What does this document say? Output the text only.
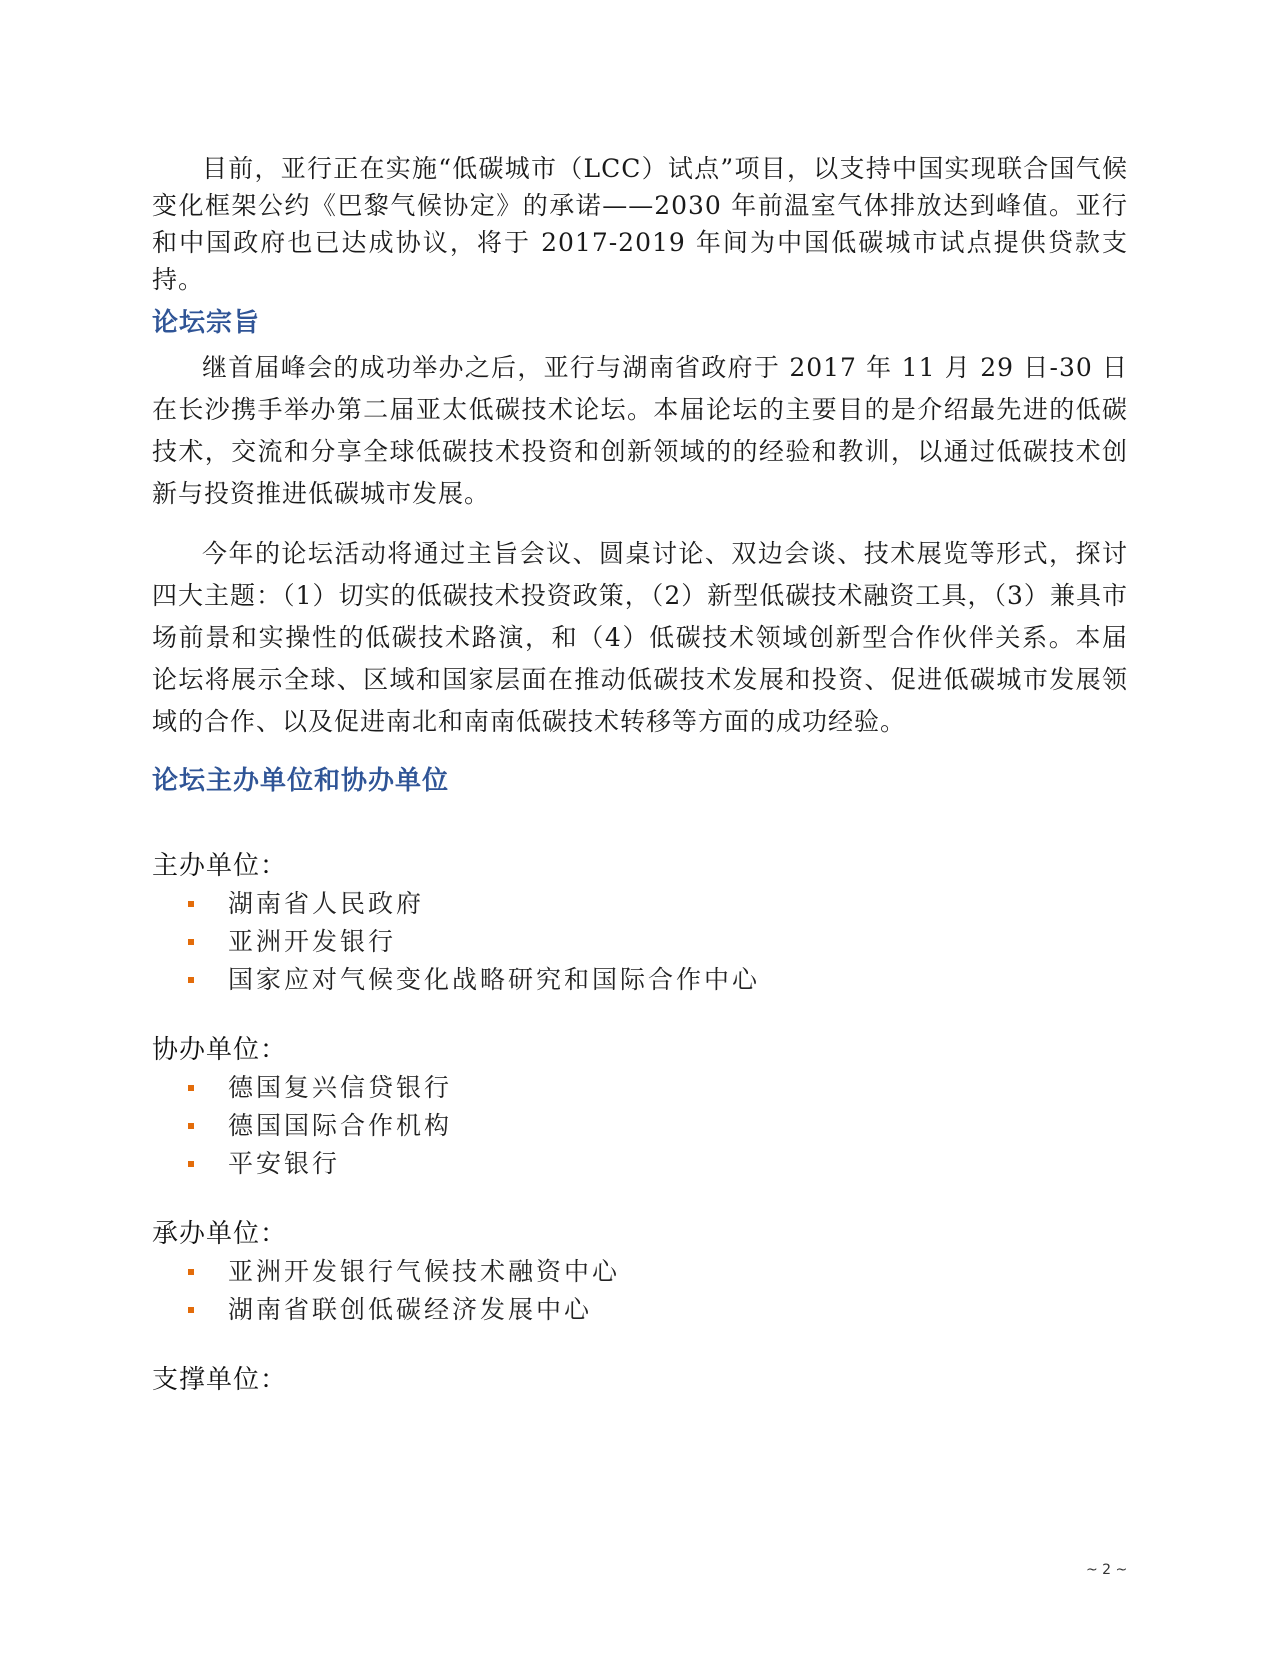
目前，亚行正在实施“低碳城市（LCC）试点”项目，以支持中国实现联合国气候变化框架公约《巴黎气候协定》的承诺——2030 年前温室气体排放达到峰值。亚行和中国政府也已达成协议，将于 2017-2019 年间为中国低碳城市试点提供贷款支持。

论坛宗旨

继首届峰会的成功举办之后，亚行与湖南省政府于 2017 年 11 月 29 日-30 日在长沙携手举办第二届亚太低碳技术论坛。本届论坛的主要目的是介绍最先进的低碳技术，交流和分享全球低碳技术投资和创新领域的的经验和教训，以通过低碳技术创新与投资推进低碳城市发展。

今年的论坛活动将通过主旨会议、圆桌讨论、双边会谈、技术展览等形式，探讨四大主题：（1）切实的低碳技术投资政策，（2）新型低碳技术融资工具，（3）兼具市场前景和实操性的低碳技术路演，和（4）低碳技术领域创新型合作伙伴关系。本届论坛将展示全球、区域和国家层面在推动低碳技术发展和投资、促进低碳城市发展领域的合作、以及促进南北和南南低碳技术转移等方面的成功经验。

论坛主办单位和协办单位

主办单位：

湖南省人民政府
亚洲开发银行
国家应对气候变化战略研究和国际合作中心

协办单位：

德国复兴信贷银行
德国国际合作机构
平安银行

承办单位：

亚洲开发银行气候技术融资中心
湖南省联创低碳经济发展中心

支撑单位：

~ 2 ~
